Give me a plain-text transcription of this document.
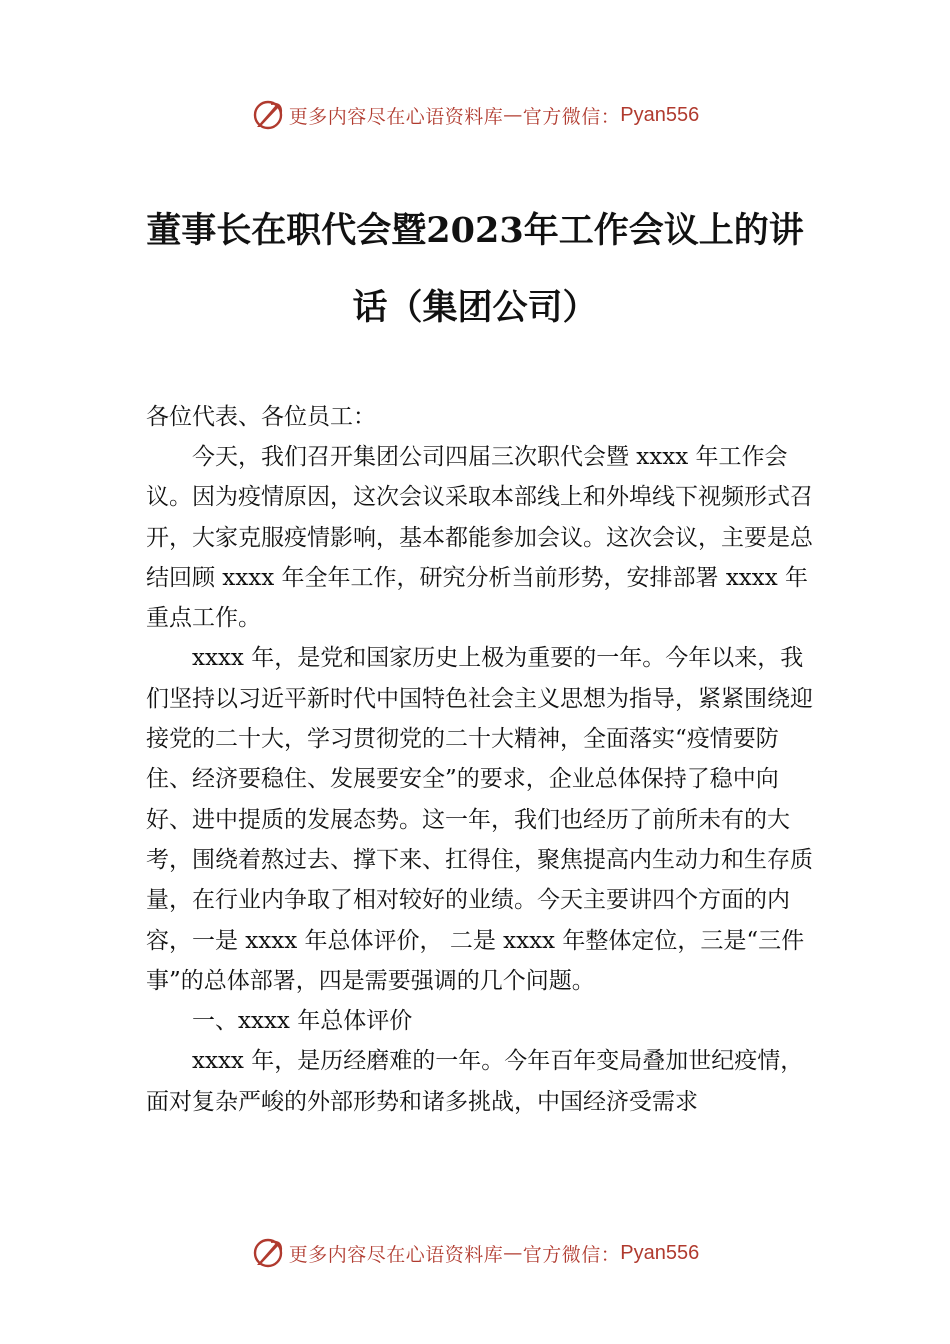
更多内容尽在心语资料库 — 官方微信： Pyan556
董事长在职代会暨2023年工作会议上的讲
话（集团公司）
各位代表、各位员工：

今天，我们召开集团公司四届三次职代会暨 xxxx 年工作会议。因为疫情原因，这次会议采取本部线上和外埠线下视频形式召开，大家克服疫情影响，基本都能参加会议。这次会议，主要是总结回顾 xxxx 年全年工作，研究分析当前形势，安排部署 xxxx 年重点工作。

xxxx 年，是党和国家历史上极为重要的一年。今年以来，我们坚持以习近平新时代中国特色社会主义思想为指导，紧紧围绕迎接党的二十大，学习贯彻党的二十大精神，全面落实“疫情要防住、经济要稳住、发展要安全”的要求，企业总体保持了稳中向好、进中提质的发展态势。这一年，我们也经历了前所未有的大考，围绕着熬过去、撑下来、扛得住，聚焦提高内生动力和生存质量，在行业内争取了相对较好的业绩。今天主要讲四个方面的内容，一是 xxxx 年总体评价， 二是 xxxx 年整体定位，三是“三件事”的总体部署，四是需要强调的几个问题。

一、xxxx 年总体评价

xxxx 年，是历经磨难的一年。今年百年变局叠加世纪疫情，面对复杂严峻的外部形势和诸多挑战，中国经济受需求

更多内容尽在心语资料库 — 官方微信： Pyan556
